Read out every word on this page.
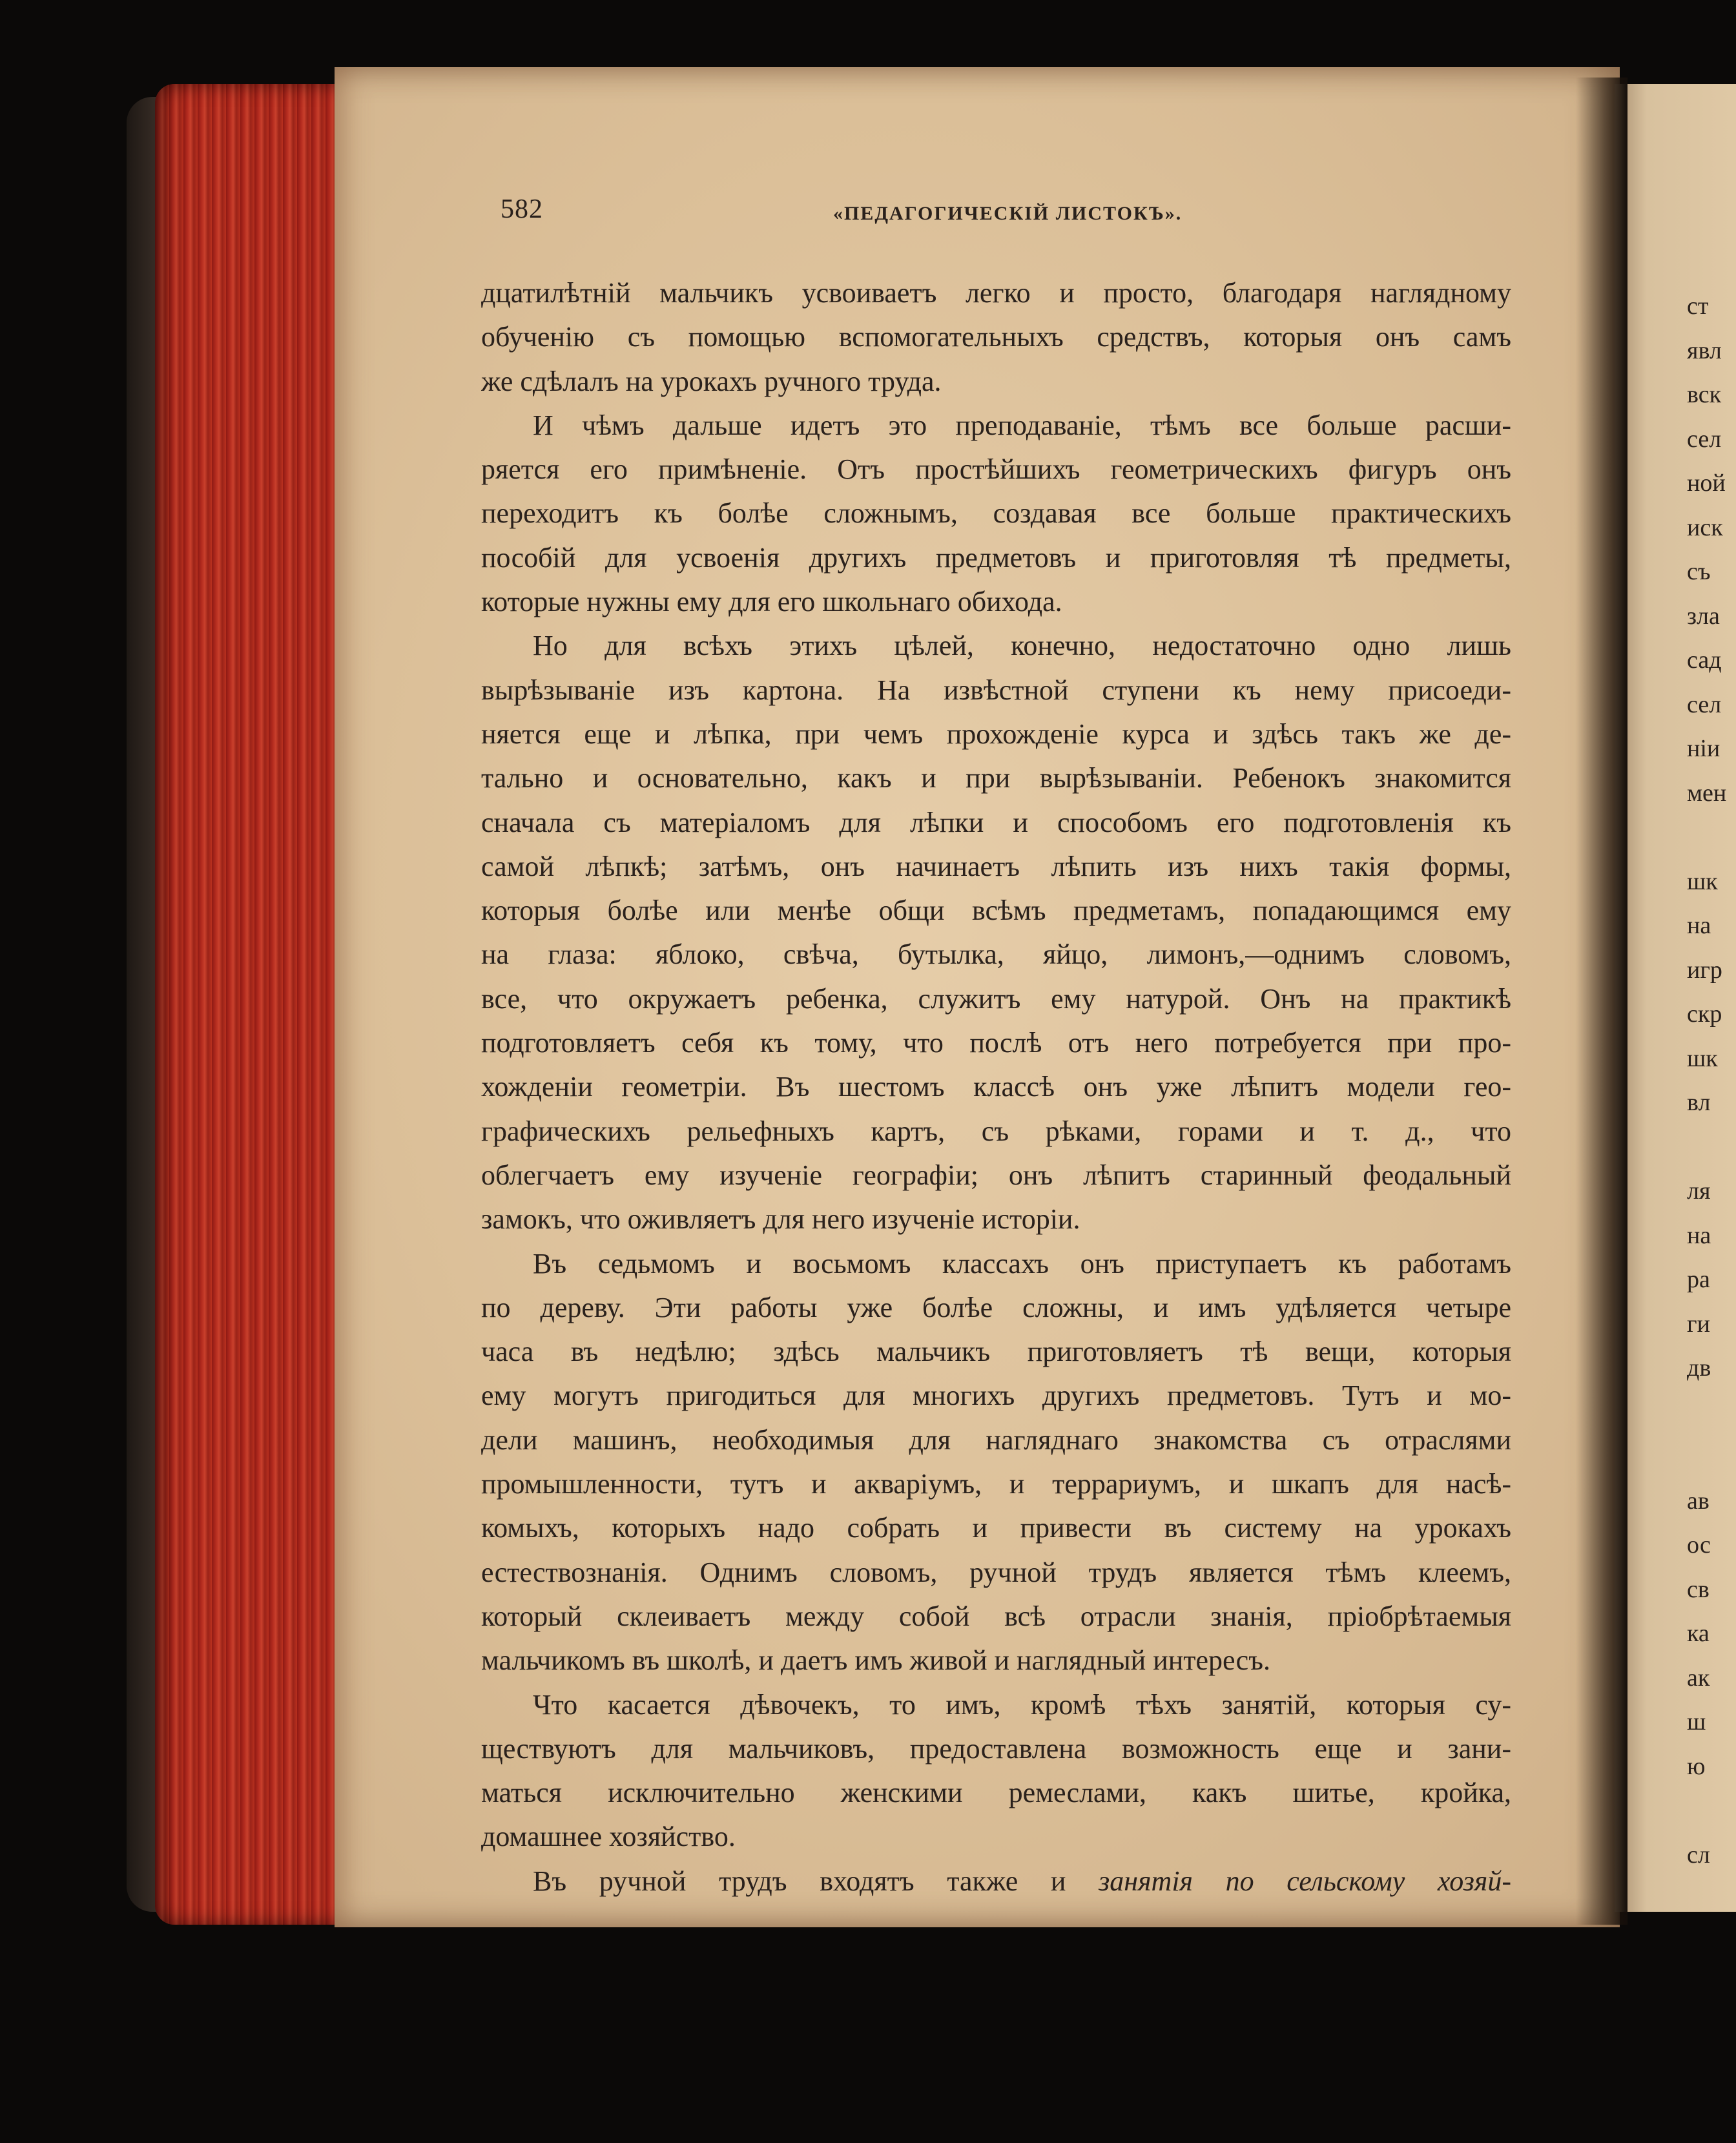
ст
явл
вск
сел
ной
иск
съ
зла
сад
сел
ніи
мен
шк
на
игр
скр
шк
вл
ля
на
ра
ги
дв
ав
ос
св
ка
ак
ш
ю
сл
582	«ПЕДАГОГИЧЕСКІЙ ЛИСТОКЪ».
дцатилѣтній мальчикъ усвоиваетъ легко и просто, благодаря наглядному
обученію съ помощью вспомогательныхъ средствъ, которыя онъ самъ
же сдѣлалъ на урокахъ ручного труда.
И чѣмъ дальше идетъ это преподаваніе, тѣмъ все больше расши-
ряется его примѣненіе. Отъ простѣйшихъ геометрическихъ фигуръ онъ
переходитъ къ болѣе сложнымъ, создавая все больше практическихъ
пособій для усвоенія другихъ предметовъ и приготовляя тѣ предметы,
которые нужны ему для его школьнаго обихода.
Но для всѣхъ этихъ цѣлей, конечно, недостаточно одно лишь
вырѣзываніе изъ картона. На извѣстной ступени къ нему присоеди-
няется еще и лѣпка, при чемъ прохожденіе курса и здѣсь такъ же де-
тально и основательно, какъ и при вырѣзываніи. Ребенокъ знакомится
сначала съ матеріаломъ для лѣпки и способомъ его подготовленія къ
самой лѣпкѣ; затѣмъ, онъ начинаетъ лѣпить изъ нихъ такія формы,
которыя болѣе или менѣе общи всѣмъ предметамъ, попадающимся ему
на глаза: яблоко, свѣча, бутылка, яйцо, лимонъ,—однимъ словомъ,
все, что окружаетъ ребенка, служитъ ему натурой. Онъ на практикѣ
подготовляетъ себя къ тому, что послѣ отъ него потребуется при про-
хожденіи геометріи. Въ шестомъ классѣ онъ уже лѣпитъ модели гео-
графическихъ рельефныхъ картъ, съ рѣками, горами и т. д., что
облегчаетъ ему изученіе географіи; онъ лѣпитъ старинный феодальный
замокъ, что оживляетъ для него изученіе исторіи.
Въ седьмомъ и восьмомъ классахъ онъ приступаетъ къ работамъ
по дереву. Эти работы уже болѣе сложны, и имъ удѣляется четыре
часа въ недѣлю; здѣсь мальчикъ приготовляетъ тѣ вещи, которыя
ему могутъ пригодиться для многихъ другихъ предметовъ. Тутъ и мо-
дели машинъ, необходимыя для нагляднаго знакомства съ отраслями
промышленности, тутъ и акваріумъ, и террариумъ, и шкапъ для насѣ-
комыхъ, которыхъ надо собрать и привести въ систему на урокахъ
естествознанія. Однимъ словомъ, ручной трудъ является тѣмъ клеемъ,
который склеиваетъ между собой всѣ отрасли знанія, пріобрѣтаемыя
мальчикомъ въ школѣ, и даетъ имъ живой и наглядный интересъ.
Что касается дѣвочекъ, то имъ, кромѣ тѣхъ занятій, которыя су-
ществуютъ для мальчиковъ, предоставлена возможность еще и зани-
маться исключительно женскими ремеслами, какъ шитье, кройка,
домашнее хозяйство.
Въ ручной трудъ входятъ также и занятія по сельскому хозяй-
